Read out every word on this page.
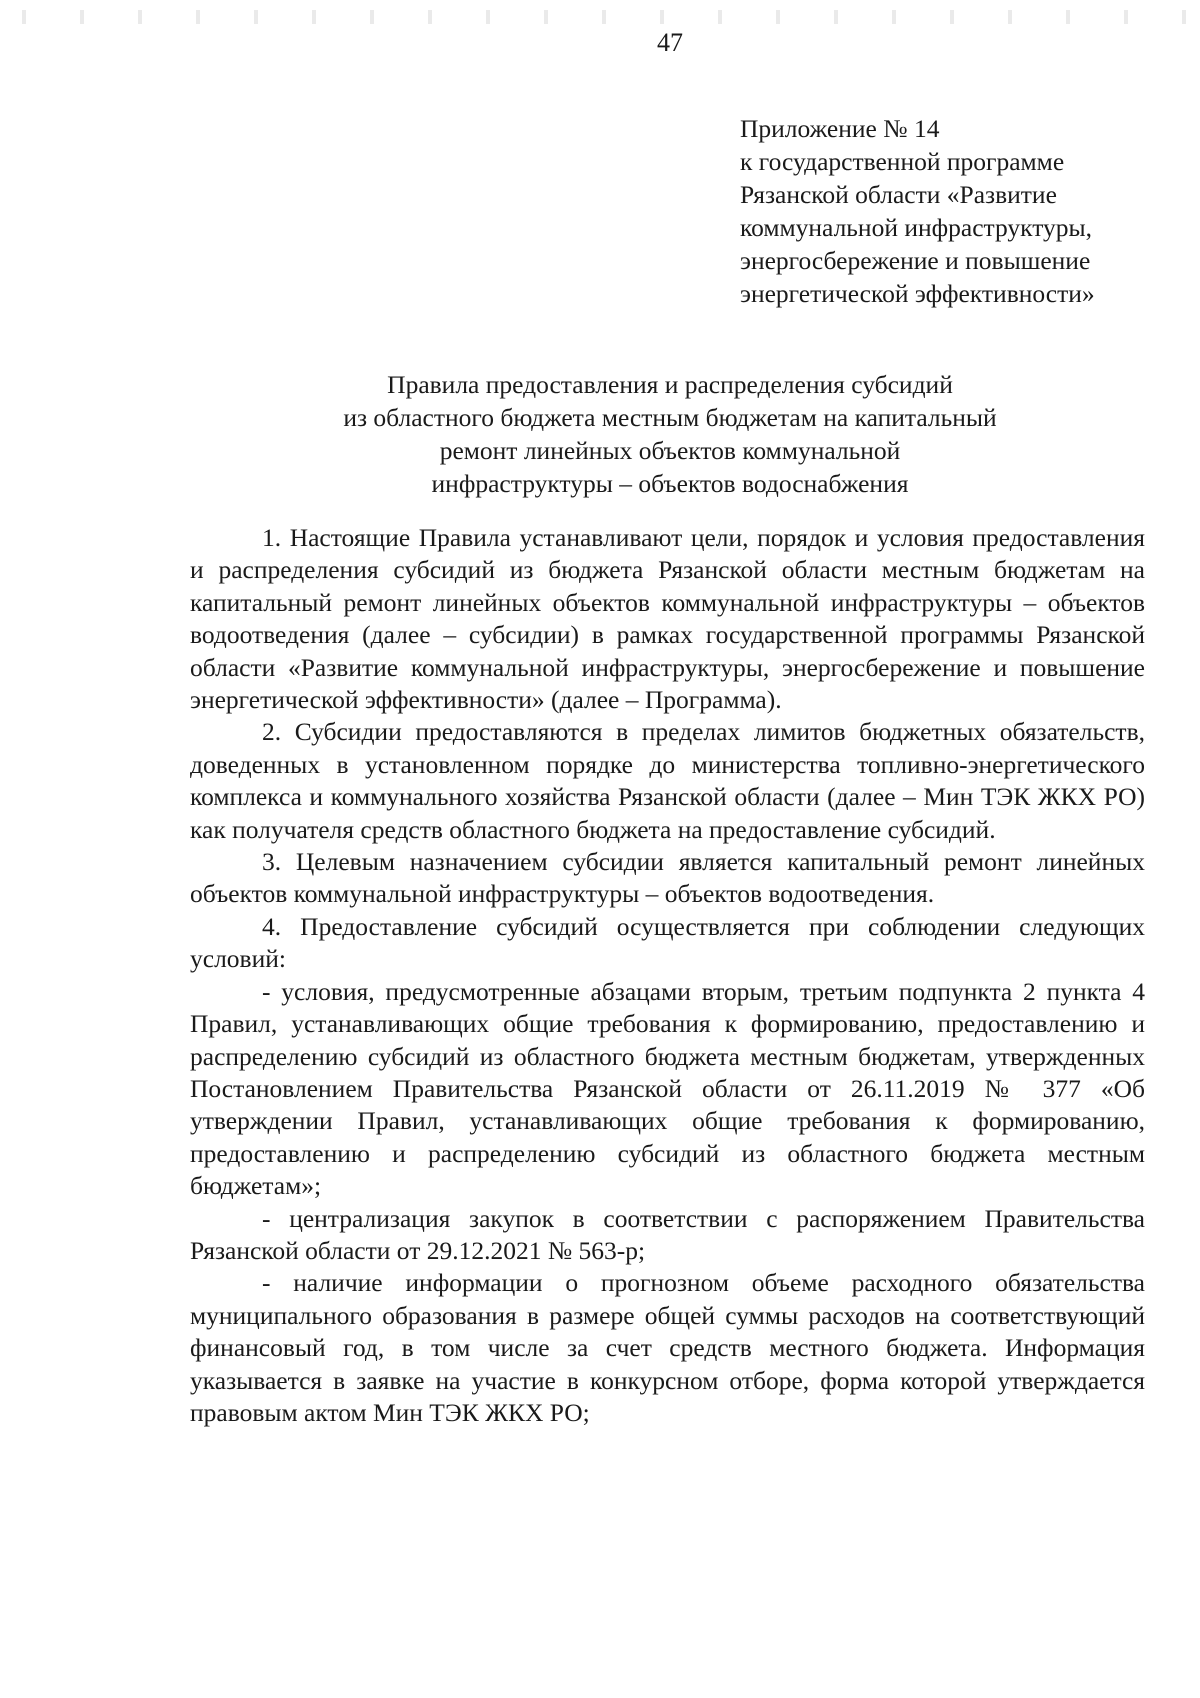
47
Приложение № 14
к государственной программе
Рязанской области «Развитие
коммунальной инфраструктуры,
энергосбережение и повышение
энергетической эффективности»
Правила предоставления и распределения субсидий
из областного бюджета местным бюджетам на капитальный
ремонт линейных объектов коммунальной
инфраструктуры – объектов водоснабжения

1. Настоящие Правила устанавливают цели, порядок и условия предоставления и распределения субсидий из бюджета Рязанской области местным бюджетам на капитальный ремонт линейных объектов коммунальной инфраструктуры – объектов водоотведения (далее – субсидии) в рамках государственной программы Рязанской области «Развитие коммунальной инфраструктуры, энергосбережение и повышение энергетической эффективности» (далее – Программа).

2. Субсидии предоставляются в пределах лимитов бюджетных обязательств, доведенных в установленном порядке до министерства топливно-энергетического комплекса и коммунального хозяйства Рязанской области (далее – Мин ТЭК ЖКХ РО) как получателя средств областного бюджета на предоставление субсидий.

3. Целевым назначением субсидии является капитальный ремонт линейных объектов коммунальной инфраструктуры – объектов водоотведения.

4. Предоставление субсидий осуществляется при соблюдении следующих условий:

- условия, предусмотренные абзацами вторым, третьим подпункта 2 пункта 4 Правил, устанавливающих общие требования к формированию, предоставлению и распределению субсидий из областного бюджета местным бюджетам, утвержденных Постановлением Правительства Рязанской области от 26.11.2019 № 377 «Об утверждении Правил, устанавливающих общие требования к формированию, предоставлению и распределению субсидий из областного бюджета местным бюджетам»;

- централизация закупок в соответствии с распоряжением Правительства Рязанской области от 29.12.2021 № 563-р;

- наличие информации о прогнозном объеме расходного обязательства муниципального образования в размере общей суммы расходов на соответствующий финансовый год, в том числе за счет средств местного бюджета. Информация указывается в заявке на участие в конкурсном отборе, форма которой утверждается правовым актом Мин ТЭК ЖКХ РО;
